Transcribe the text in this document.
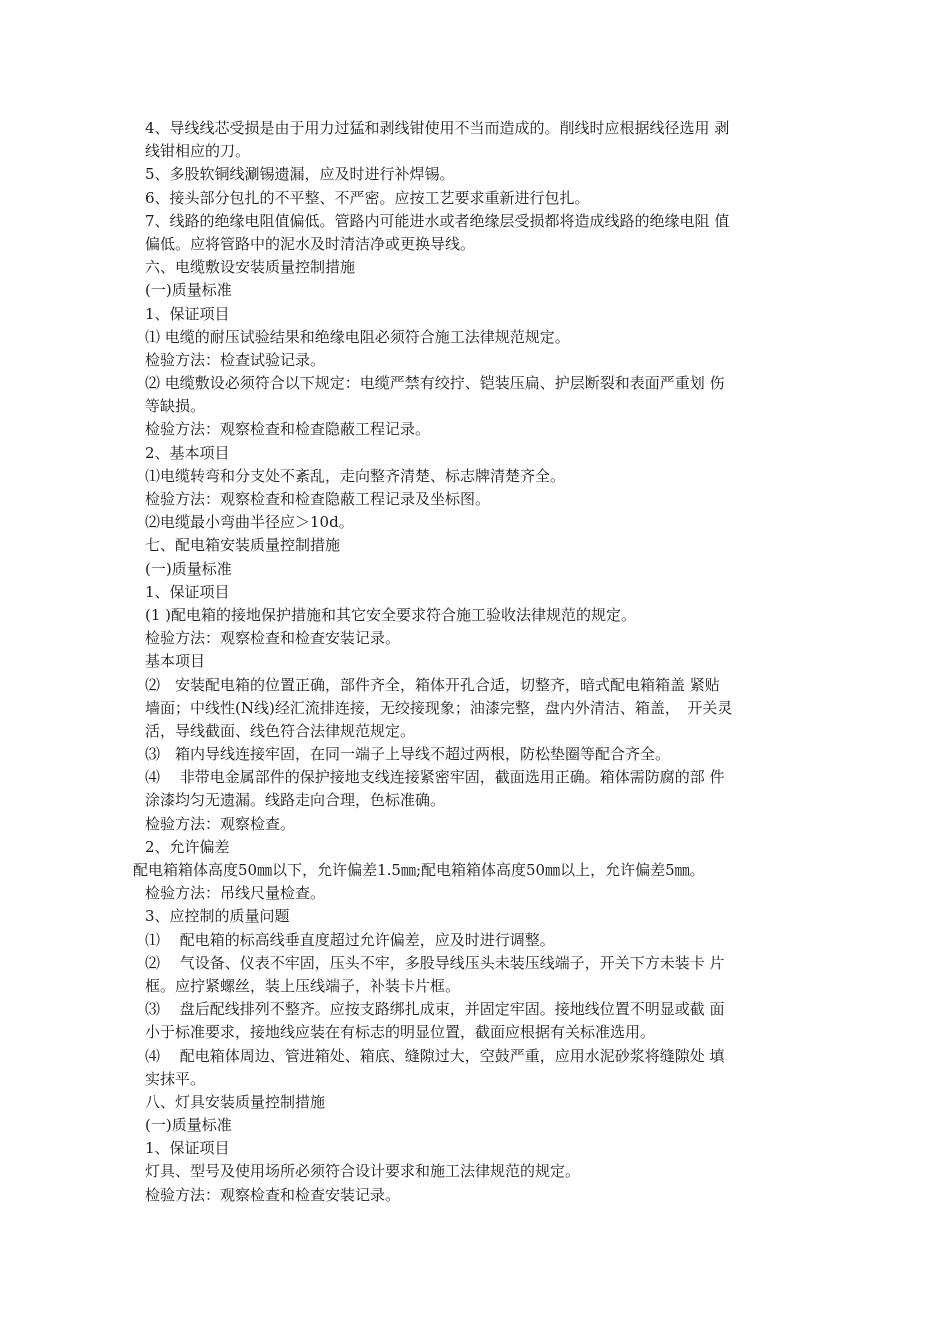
4、导线线芯受损是由于用力过猛和剥线钳使用不当而造成的。削线时应根据线径选用 剥
线钳相应的刀。
5、多股软铜线涮锡遗漏，应及时进行补焊锡。
6、接头部分包扎的不平整、不严密。应按工艺要求重新进行包扎。
7、线路的绝缘电阻值偏低。管路内可能进水或者绝缘层受损都将造成线路的绝缘电阻 值
偏低。应将管路中的泥水及时清洁净或更换导线。
六、电缆敷设安装质量控制措施
(一)质量标准
1、保证项目
⑴ 电缆的耐压试验结果和绝缘电阻必须符合施工法律规范规定。
检验方法：检查试验记录。
⑵ 电缆敷设必须符合以下规定：电缆严禁有绞拧、铠装压扁、护层断裂和表面严重划 伤
等缺损。
检验方法：观察检查和检查隐蔽工程记录。
2、基本项目
⑴电缆转弯和分支处不紊乱，走向整齐清楚、标志牌清楚齐全。
检验方法：观察检查和检查隐蔽工程记录及坐标图。
⑵电缆最小弯曲半径应＞10d。
七、配电箱安装质量控制措施
(一)质量标准
1、保证项目
(1 )配电箱的接地保护措施和其它安全要求符合施工验收法律规范的规定。
检验方法：观察检查和检查安装记录。
基本项目
⑵　安装配电箱的位置正确，部件齐全，箱体开孔合适，切整齐，暗式配电箱箱盖 紧贴
墙面；中线性(N线)经汇流排连接，无绞接现象；油漆完整，盘内外清洁、箱盖，　开关灵
活，导线截面、线色符合法律规范规定。
⑶　箱内导线连接牢固，在同一端子上导线不超过两根，防松垫圈等配合齐全。
⑷　 非带电金属部件的保护接地支线连接紧密牢固，截面选用正确。箱体需防腐的部 件
涂漆均匀无遗漏。线路走向合理，色标准确。
检验方法：观察检查。
2、允许偏差
配电箱箱体高度50㎜以下，允许偏差1.5㎜;配电箱箱体高度50㎜以上，允许偏差5㎜。
检验方法：吊线尺量检查。
3、应控制的质量问题
⑴　 配电箱的标高线垂直度超过允许偏差，应及时进行调整。
⑵　 气设备、仪表不牢固，压头不牢，多股导线压头未装压线端子，开关下方未装卡 片
框。应拧紧螺丝，装上压线端子，补装卡片框。
⑶　 盘后配线排列不整齐。应按支路绑扎成束，并固定牢固。接地线位置不明显或截 面
小于标准要求，接地线应装在有标志的明显位置，截面应根据有关标准选用。
⑷　 配电箱体周边、管进箱处、箱底、缝隙过大，空鼓严重，应用水泥砂浆将缝隙处 填
实抹平。
八、灯具安装质量控制措施
(一)质量标准
1、保证项目
灯具、型号及使用场所必须符合设计要求和施工法律规范的规定。
检验方法：观察检查和检查安装记录。
